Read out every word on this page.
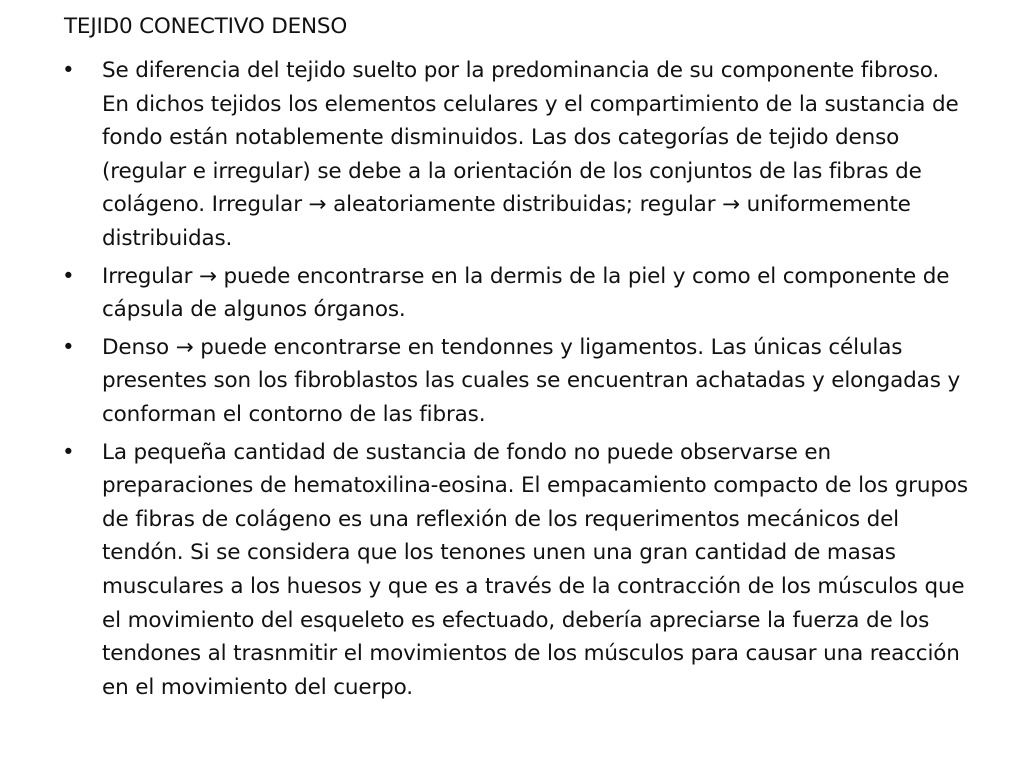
TEJID0 CONECTIVO DENSO
•	Se diferencia del tejido suelto por la predominancia de su componente fibroso. En dichos tejidos los elementos celulares y el compartimiento de la sustancia de fondo están notablemente disminuidos. Las dos categorías de tejido denso (regular e irregular) se debe a la orientación de los conjuntos de las fibras de colágeno. Irregular → aleatoriamente distribuidas; regular → uniformemente distribuidas.
•	Irregular → puede encontrarse en la dermis de la piel y como el componente de cápsula de algunos órganos.
•	Denso → puede encontrarse en tendonnes y ligamentos. Las únicas células presentes son los fibroblastos las cuales se encuentran achatadas y elongadas y conforman el contorno de las fibras.
•	La pequeña cantidad de sustancia de fondo no puede observarse en preparaciones de hematoxilina-eosina. El empacamiento compacto de los grupos de fibras de colágeno es una reflexión de los requerimentos mecánicos del tendón. Si se considera que los tenones unen una gran cantidad de masas musculares a los huesos y que es a través de la contracción de los músculos que el movimiento del esqueleto es efectuado, debería apreciarse la fuerza de los tendones al trasnmitir el movimientos de los músculos para causar una reacción en el movimiento del cuerpo.
